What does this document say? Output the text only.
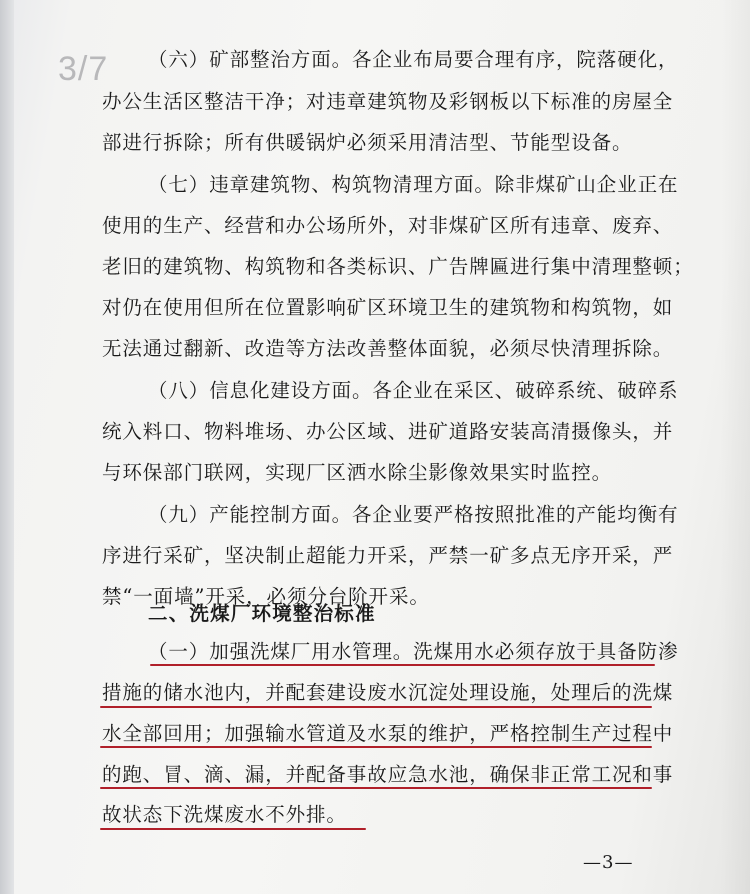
3/7 （六）矿部整治方面。各企业布局要合理有序，院落硬化，
办公生活区整洁干净；对违章建筑物及彩钢板以下标准的房屋全
部进行拆除；所有供暖锅炉必须采用清洁型、节能型设备。
（七）违章建筑物、构筑物清理方面。除非煤矿山企业正在
使用的生产、经营和办公场所外，对非煤矿区所有违章、废弃、
老旧的建筑物、构筑物和各类标识、广告牌匾进行集中清理整顿；
对仍在使用但所在位置影响矿区环境卫生的建筑物和构筑物，如
无法通过翻新、改造等方法改善整体面貌，必须尽快清理拆除。
（八）信息化建设方面。各企业在采区、破碎系统、破碎系
统入料口、物料堆场、办公区域、进矿道路安装高清摄像头，并
与环保部门联网，实现厂区洒水除尘影像效果实时监控。
（九）产能控制方面。各企业要严格按照批准的产能均衡有
序进行采矿，坚决制止超能力开采，严禁一矿多点无序开采，严
禁“一面墙”开采，必须分台阶开采。
二、洗煤厂环境整治标准
（一）加强洗煤厂用水管理。洗煤用水必须存放于具备防渗
措施的储水池内，并配套建设废水沉淀处理设施，处理后的洗煤
水全部回用；加强输水管道及水泵的维护，严格控制生产过程中
的跑、冒、滴、漏，并配备事故应急水池，确保非正常工况和事
故状态下洗煤废水不外排。
—3—
